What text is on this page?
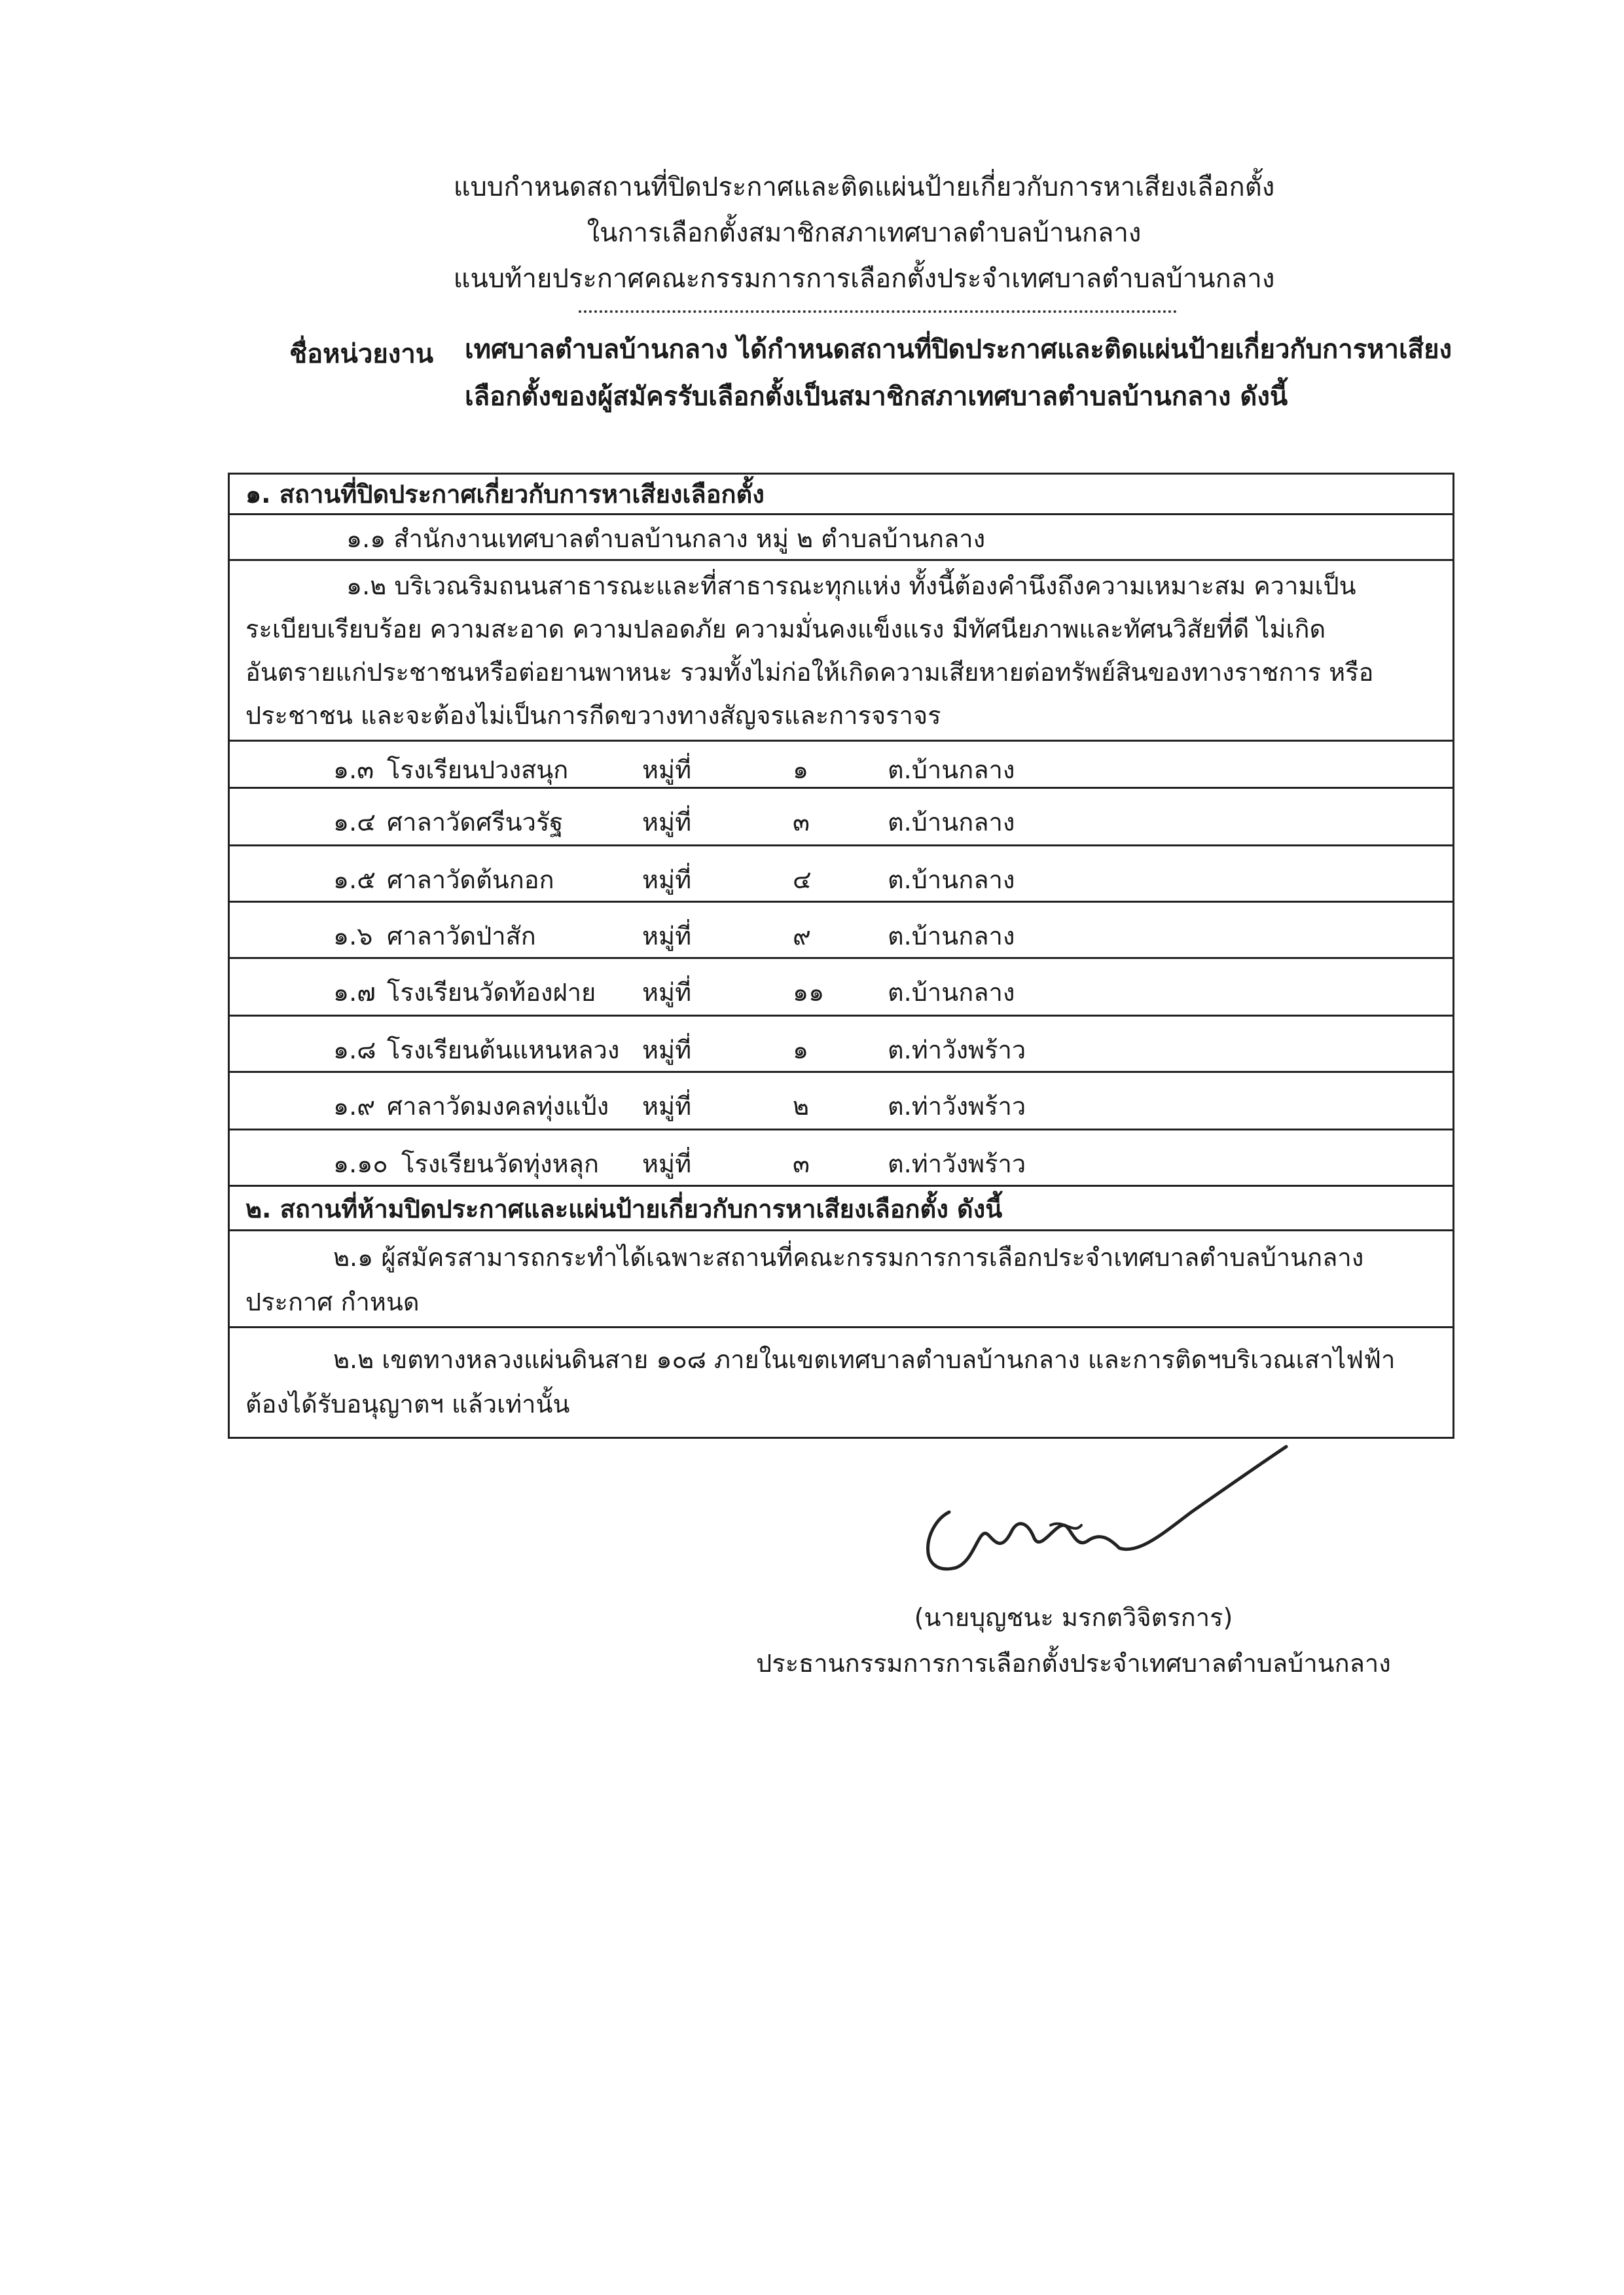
แบบกำหนดสถานที่ปิดประกาศและติดแผ่นป้ายเกี่ยวกับการหาเสียงเลือกตั้ง
ในการเลือกตั้งสมาชิกสภาเทศบาลตำบลบ้านกลาง
แนบท้ายประกาศคณะกรรมการการเลือกตั้งประจำเทศบาลตำบลบ้านกลาง
ชื่อหน่วยงาน เทศบาลตำบลบ้านกลาง ได้กำหนดสถานที่ปิดประกาศและติดแผ่นป้ายเกี่ยวกับการหาเสียง
เลือกตั้งของผู้สมัครรับเลือกตั้งเป็นสมาชิกสภาเทศบาลตำบลบ้านกลาง ดังนี้
๑. สถานที่ปิดประกาศเกี่ยวกับการหาเสียงเลือกตั้ง
๑.๑ สำนักงานเทศบาลตำบลบ้านกลาง หมู่ ๒ ตำบลบ้านกลาง
๑.๒ บริเวณริมถนนสาธารณะและที่สาธารณะทุกแห่ง ทั้งนี้ต้องคำนึงถึงความเหมาะสม ความเป็น
ระเบียบเรียบร้อย ความสะอาด ความปลอดภัย ความมั่นคงแข็งแรง มีทัศนียภาพและทัศนวิสัยที่ดี ไม่เกิด
อันตรายแก่ประชาชนหรือต่อยานพาหนะ รวมทั้งไม่ก่อให้เกิดความเสียหายต่อทรัพย์สินของทางราชการ หรือ
ประชาชน และจะต้องไม่เป็นการกีดขวางทางสัญจรและการจราจร
๑.๓ โรงเรียนปวงสนุก	หมู่ที่	๑	ต.บ้านกลาง
๑.๔ ศาลาวัดศรีนวรัฐ	หมู่ที่	๓	ต.บ้านกลาง
๑.๕ ศาลาวัดต้นกอก	หมู่ที่	๔	ต.บ้านกลาง
๑.๖ ศาลาวัดป่าสัก	หมู่ที่	๙	ต.บ้านกลาง
๑.๗ โรงเรียนวัดท้องฝาย หมู่ที่	๑๑	ต.บ้านกลาง
๑.๘ โรงเรียนต้นแหนหลวง หมู่ที่	๑	ต.ท่าวังพร้าว
๑.๙ ศาลาวัดมงคลทุ่งแป้ง หมู่ที่	๒	ต.ท่าวังพร้าว
๑.๑๐ โรงเรียนวัดทุ่งหลุก หมู่ที่	๓	ต.ท่าวังพร้าว
๒. สถานที่ห้ามปิดประกาศและแผ่นป้ายเกี่ยวกับการหาเสียงเลือกตั้ง ดังนี้
๒.๑ ผู้สมัครสามารถกระทำได้เฉพาะสถานที่คณะกรรมการการเลือกประจำเทศบาลตำบลบ้านกลาง
ประกาศ กำหนด
๒.๒ เขตทางหลวงแผ่นดินสาย ๑๐๘ ภายในเขตเทศบาลตำบลบ้านกลาง และการติดฯบริเวณเสาไฟฟ้า
ต้องได้รับอนุญาตฯ แล้วเท่านั้น
(นายบุญชนะ มรกตวิจิตรการ)
ประธานกรรมการการเลือกตั้งประจำเทศบาลตำบลบ้านกลาง
